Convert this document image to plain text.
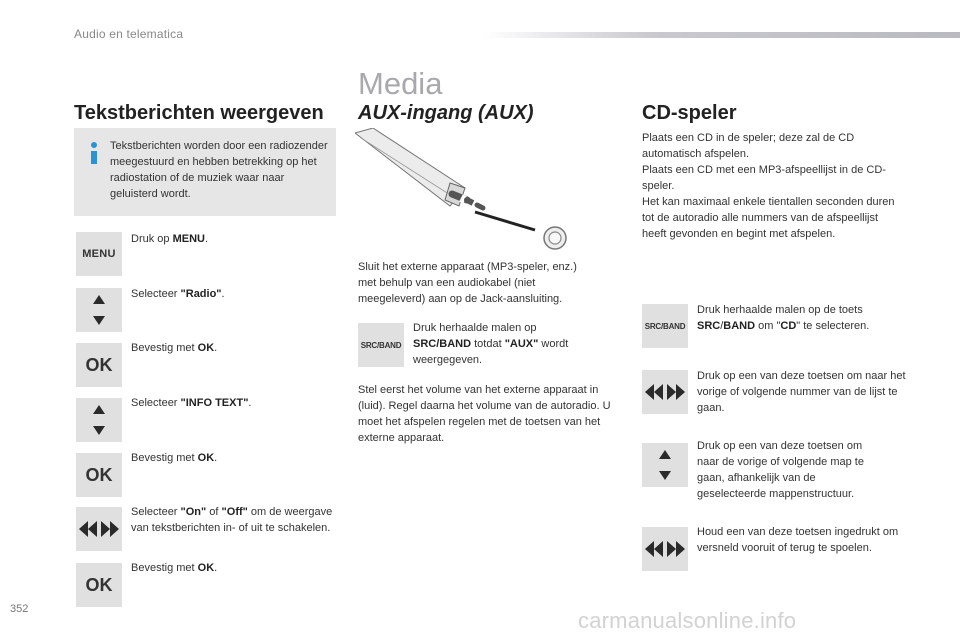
Audio en telematica
Media
Tekstberichten weergeven
Tekstberichten worden door een radiozender meegestuurd en hebben betrekking op het radiostation of de muziek waar naar geluisterd wordt.
MENU
Druk op MENU.
Selecteer "Radio".
OK
Bevestig met OK.
Selecteer "INFO TEXT".
OK
Bevestig met OK.
Selecteer "On" of "Off" om de weergave van tekstberichten in- of uit te schakelen.
OK
Bevestig met OK.
AUX-ingang (AUX)
Sluit het externe apparaat (MP3-speler, enz.) met behulp van een audiokabel (niet meegeleverd) aan op de Jack-aansluiting.
SRC/BAND
Druk herhaalde malen op SRC/BAND totdat "AUX" wordt weergegeven.
Stel eerst het volume van het externe apparaat in (luid). Regel daarna het volume van de autoradio. U moet het afspelen regelen met de toetsen van het externe apparaat.
CD-speler
Plaats een CD in de speler; deze zal de CD automatisch afspelen.
Plaats een CD met een MP3-afspeellijst in de CD-speler.
Het kan maximaal enkele tientallen seconden duren tot de autoradio alle nummers van de afspeellijst heeft gevonden en begint met afspelen.
SRC/BAND
Druk herhaalde malen op de toets SRC/BAND om "CD" te selecteren.
Druk op een van deze toetsen om naar het vorige of volgende nummer van de lijst te gaan.
Druk op een van deze toetsen om naar de vorige of volgende map te gaan, afhankelijk van de geselecteerde mappenstructuur.
Houd een van deze toetsen ingedrukt om versneld vooruit of terug te spoelen.
352	carmanualsonline.info
